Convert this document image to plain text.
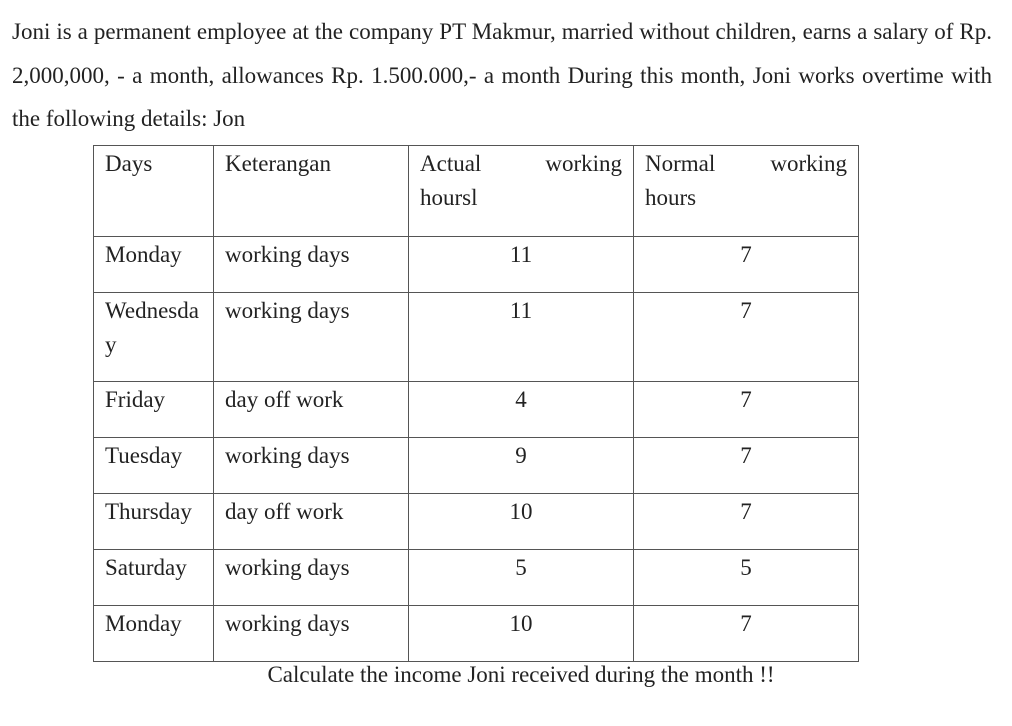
Joni is a permanent employee at the company PT Makmur, married without children, earns a salary of Rp. 2,000,000, - a month, allowances Rp. 1.500.000,- a month During this month, Joni works overtime with the following details: Jon
Days	Keterangan	Actual working hoursl	Normal working hours
Monday	working days	11	7
Wednesday	working days	11	7
Friday	day off work	4	7
Tuesday	working days	9	7
Thursday	day off work	10	7
Saturday	working days	5	5
Monday	working days	10	7
Calculate the income Joni received during the month !!
